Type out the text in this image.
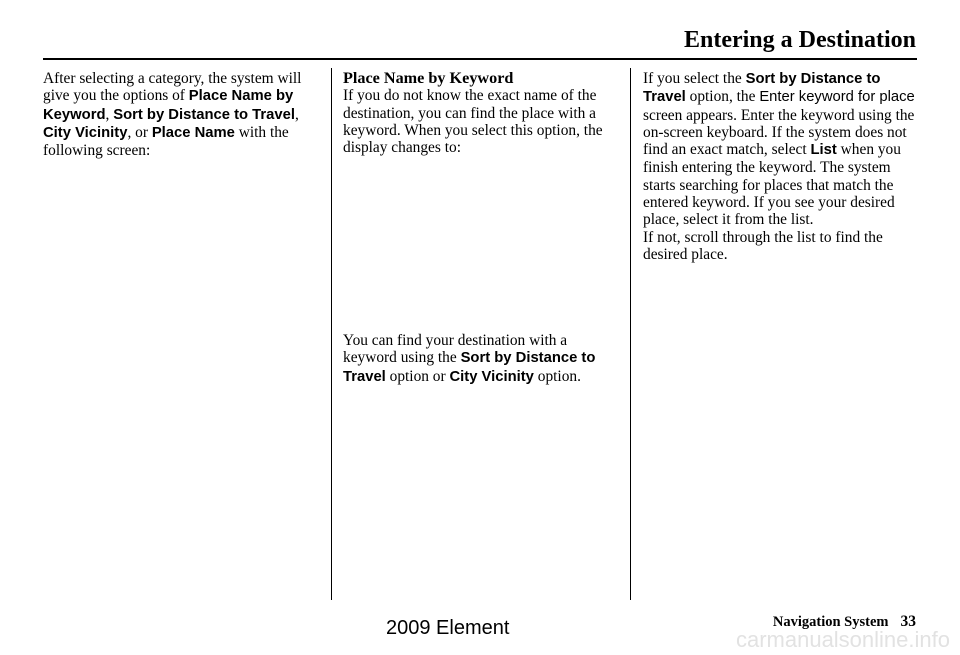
Entering a Destination

After selecting a category, the system will give you the options of Place Name by Keyword, Sort by Distance to Travel, City Vicinity, or Place Name with the following screen:

Place Name by Keyword

If you do not know the exact name of the destination, you can find the place with a keyword. When you select this option, the display changes to:

You can find your destination with a keyword using the Sort by Distance to Travel option or City Vicinity option.

If you select the Sort by Distance to Travel option, the Enter keyword for place screen appears. Enter the keyword using the on-screen keyboard. If the system does not find an exact match, select List when you finish entering the keyword. The system starts searching for places that match the entered keyword. If you see your desired place, select it from the list.

If not, scroll through the list to find the desired place.

Navigation System 33
2009 Element	carmanualsonline.info
